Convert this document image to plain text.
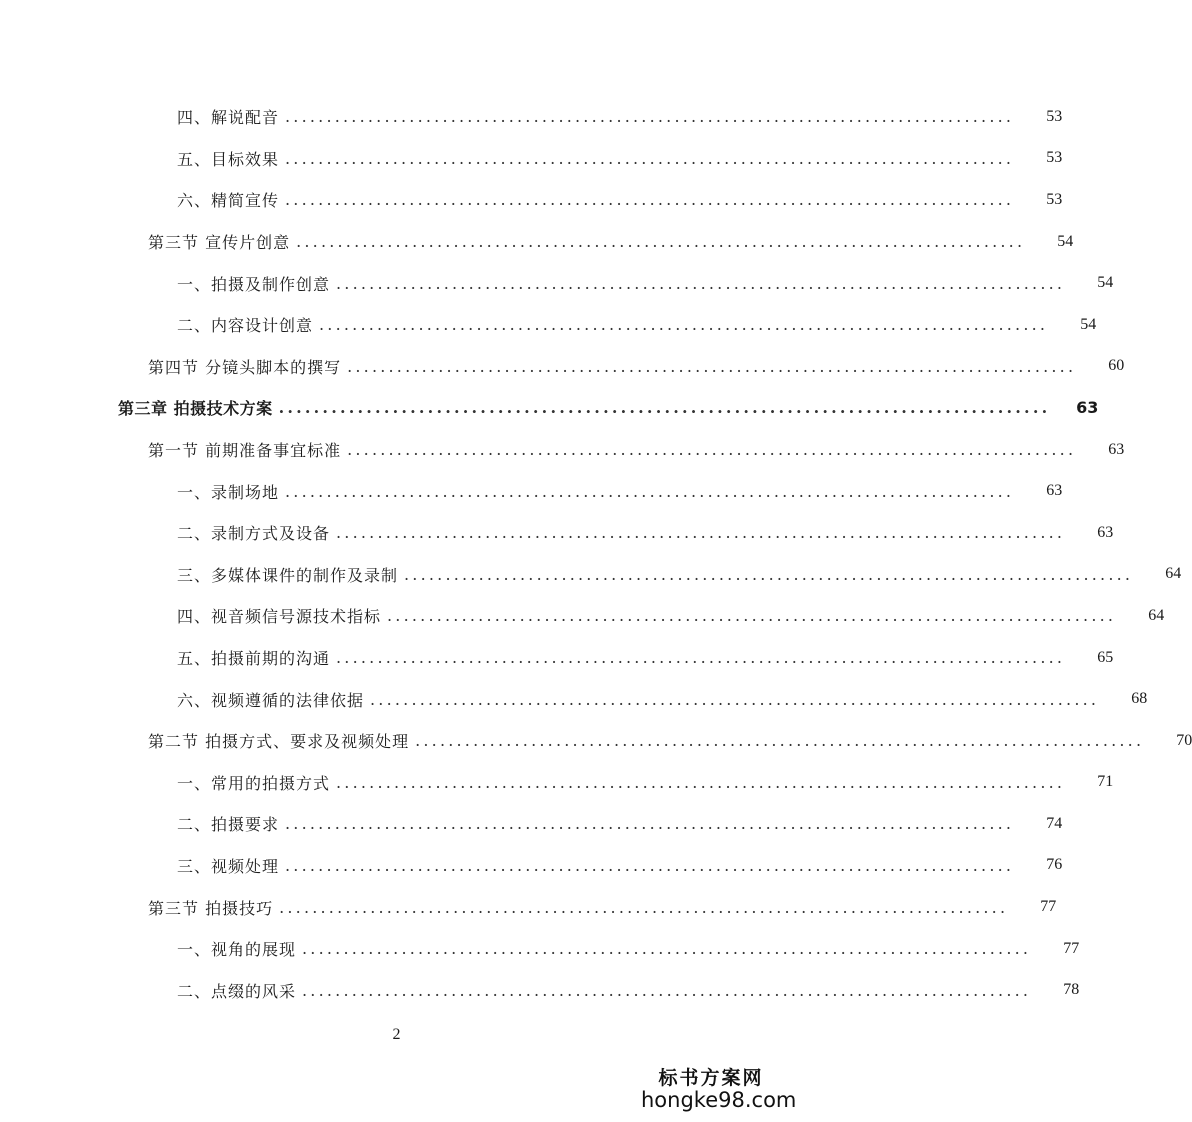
四、解说配音 ........................................................................................	53
五、目标效果 ........................................................................................	53
六、精简宣传 ........................................................................................	53
第三节 宣传片创意 ........................................................................................	54
一、拍摄及制作创意 ........................................................................................	54
二、内容设计创意 ........................................................................................	54
第四节 分镜头脚本的撰写 ........................................................................................	60
第三章 拍摄技术方案 ........................................................................................	63
第一节 前期准备事宜标准 ........................................................................................	63
一、录制场地 ........................................................................................	63
二、录制方式及设备 ........................................................................................	63
三、多媒体课件的制作及录制 ........................................................................................	64
四、视音频信号源技术指标 ........................................................................................	64
五、拍摄前期的沟通 ........................................................................................	65
六、视频遵循的法律依据 ........................................................................................	68
第二节 拍摄方式、要求及视频处理 ........................................................................................	70
一、常用的拍摄方式 ........................................................................................	71
二、拍摄要求 ........................................................................................	74
三、视频处理 ........................................................................................	76
第三节 拍摄技巧 ........................................................................................	77
一、视角的展现 ........................................................................................	77
二、点缀的风采 ........................................................................................	78
2
标书方案网
hongke98.com
